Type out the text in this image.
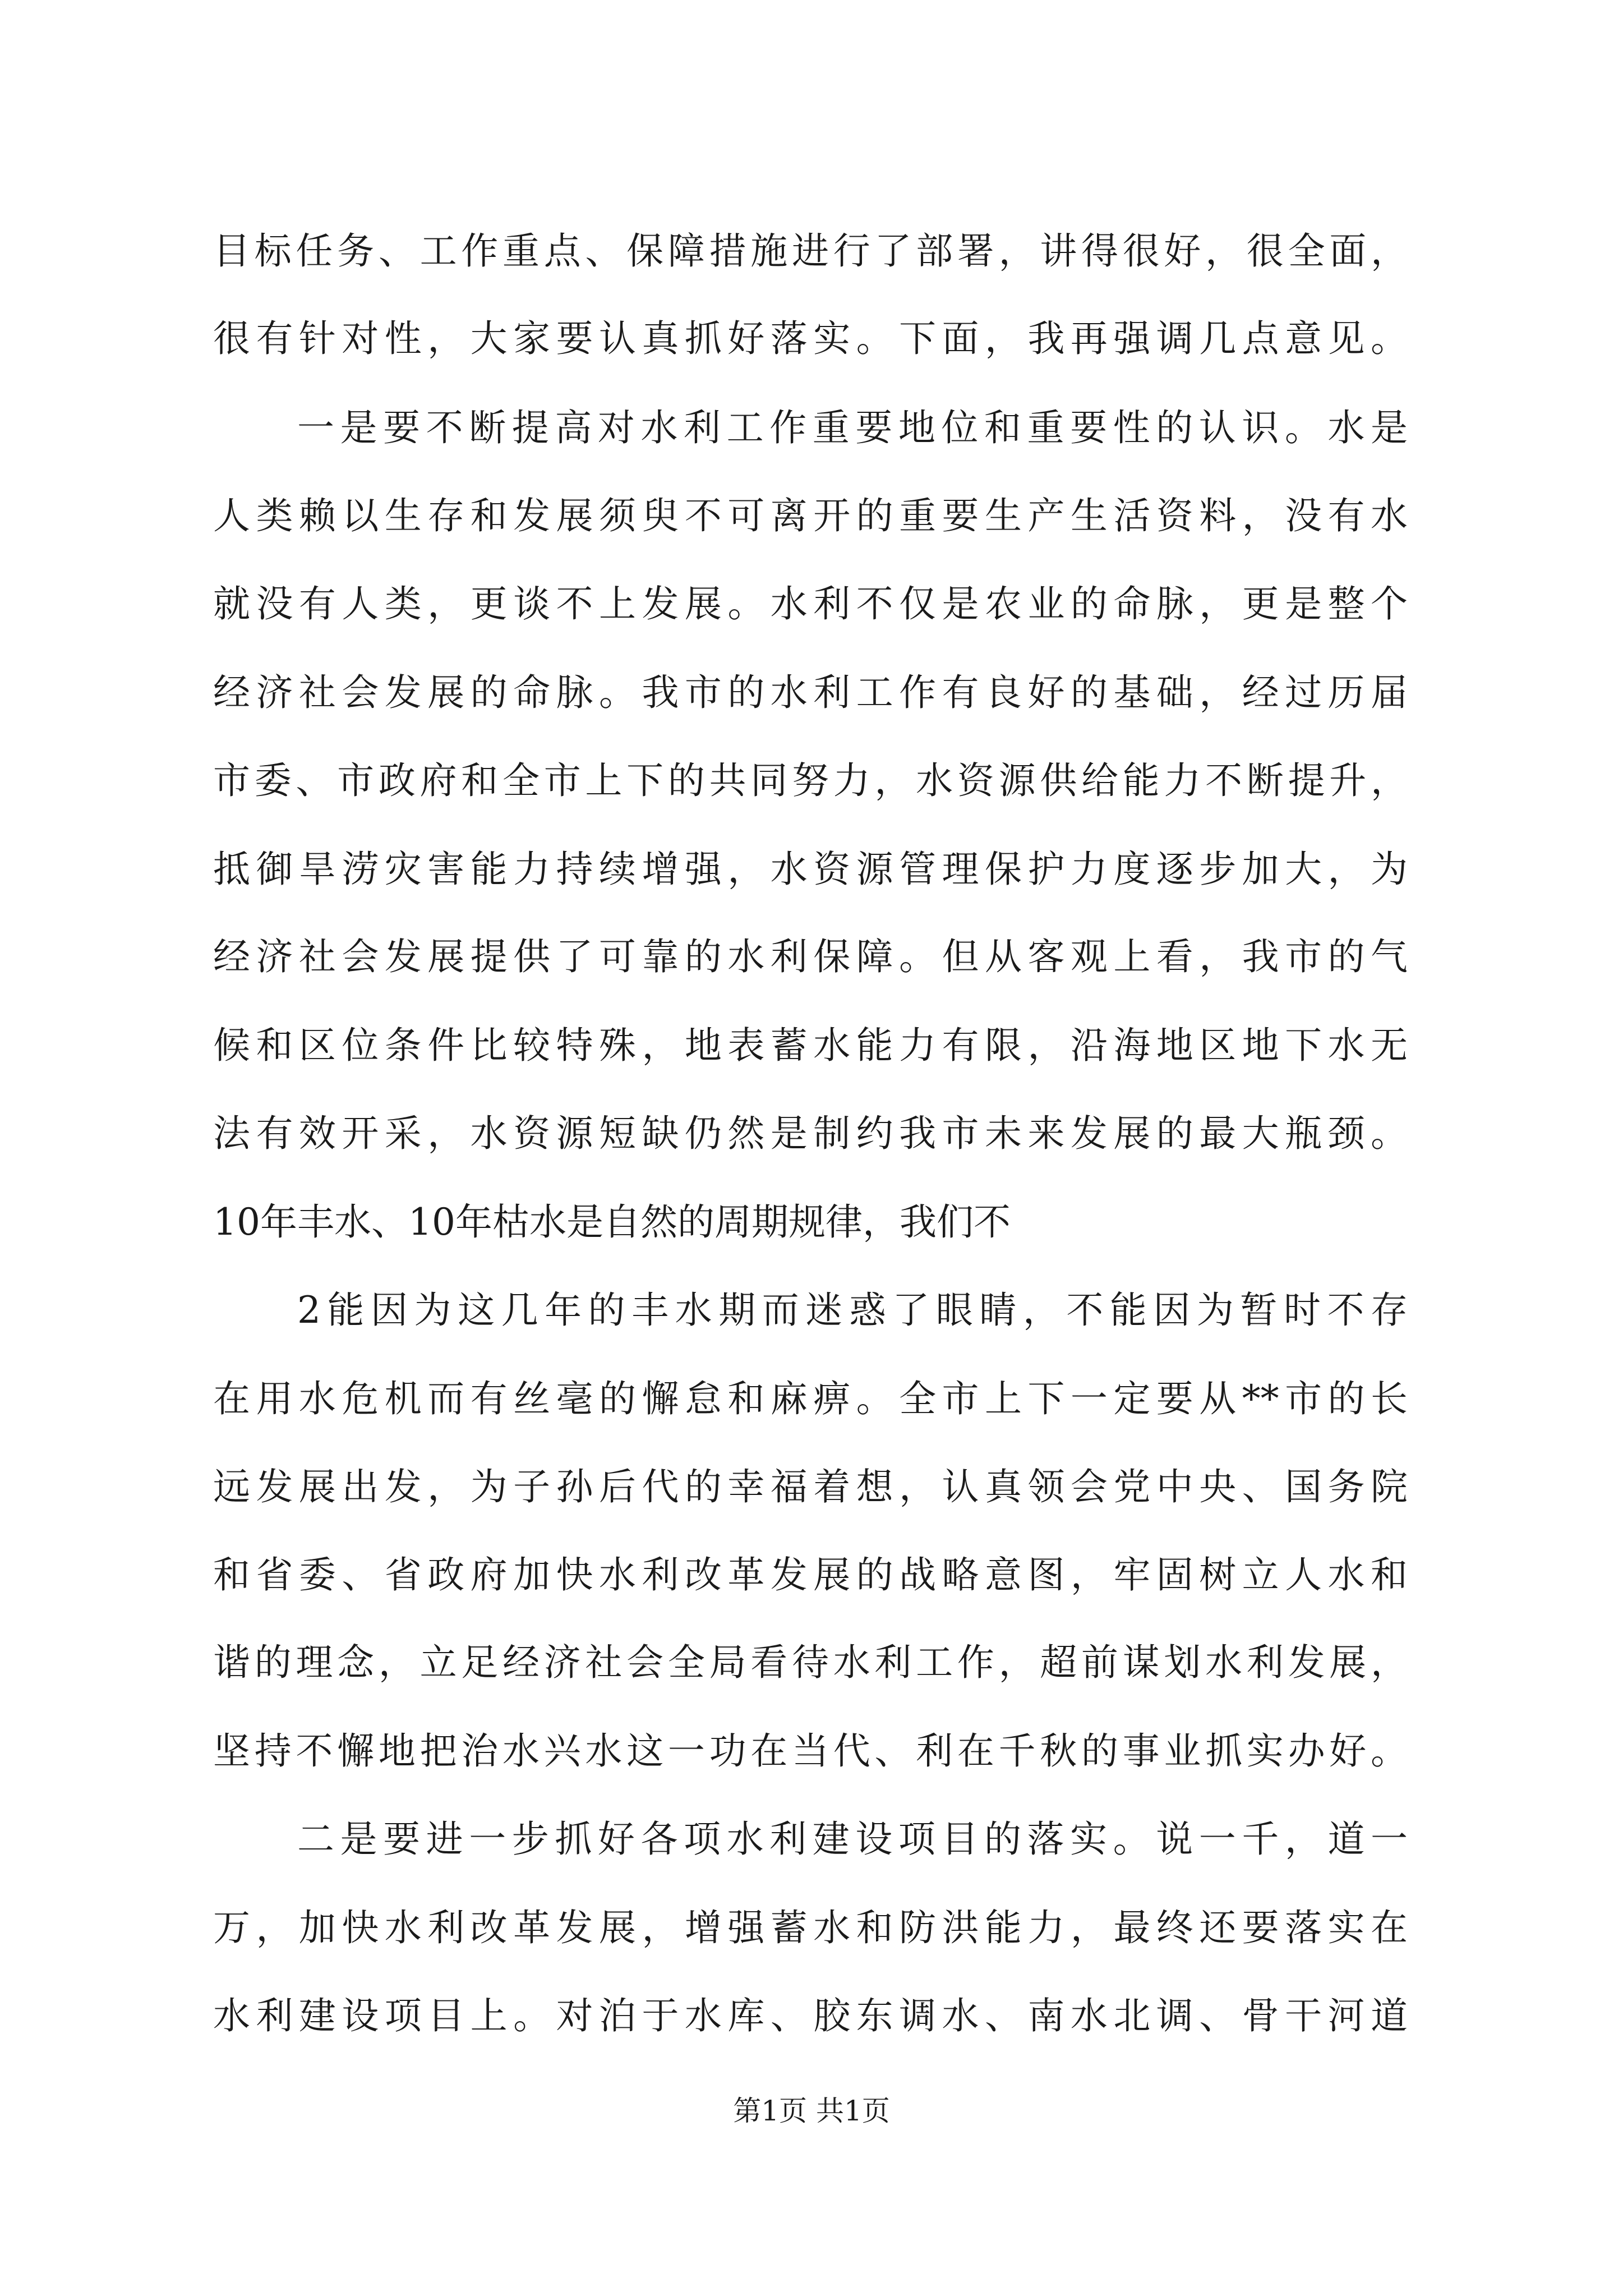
目标任务、工作重点、保障措施进行了部署，讲得很好，很全面，

很有针对性，大家要认真抓好落实。下面，我再强调几点意见。

一是要不断提高对水利工作重要地位和重要性的认识。水是

人类赖以生存和发展须臾不可离开的重要生产生活资料，没有水

就没有人类，更谈不上发展。水利不仅是农业的命脉，更是整个

经济社会发展的命脉。我市的水利工作有良好的基础，经过历届

市委、市政府和全市上下的共同努力，水资源供给能力不断提升，

抵御旱涝灾害能力持续增强，水资源管理保护力度逐步加大，为

经济社会发展提供了可靠的水利保障。但从客观上看，我市的气

候和区位条件比较特殊，地表蓄水能力有限，沿海地区地下水无

法有效开采，水资源短缺仍然是制约我市未来发展的最大瓶颈。

10年丰水、10年枯水是自然的周期规律，我们不

2能因为这几年的丰水期而迷惑了眼睛，不能因为暂时不存

在用水危机而有丝毫的懈怠和麻痹。全市上下一定要从**市的长

远发展出发，为子孙后代的幸福着想，认真领会党中央、国务院

和省委、省政府加快水利改革发展的战略意图，牢固树立人水和

谐的理念，立足经济社会全局看待水利工作，超前谋划水利发展，

坚持不懈地把治水兴水这一功在当代、利在千秋的事业抓实办好。

二是要进一步抓好各项水利建设项目的落实。说一千，道一

万，加快水利改革发展，增强蓄水和防洪能力，最终还要落实在

水利建设项目上。对泊于水库、胶东调水、南水北调、骨干河道

第1页 共1页
